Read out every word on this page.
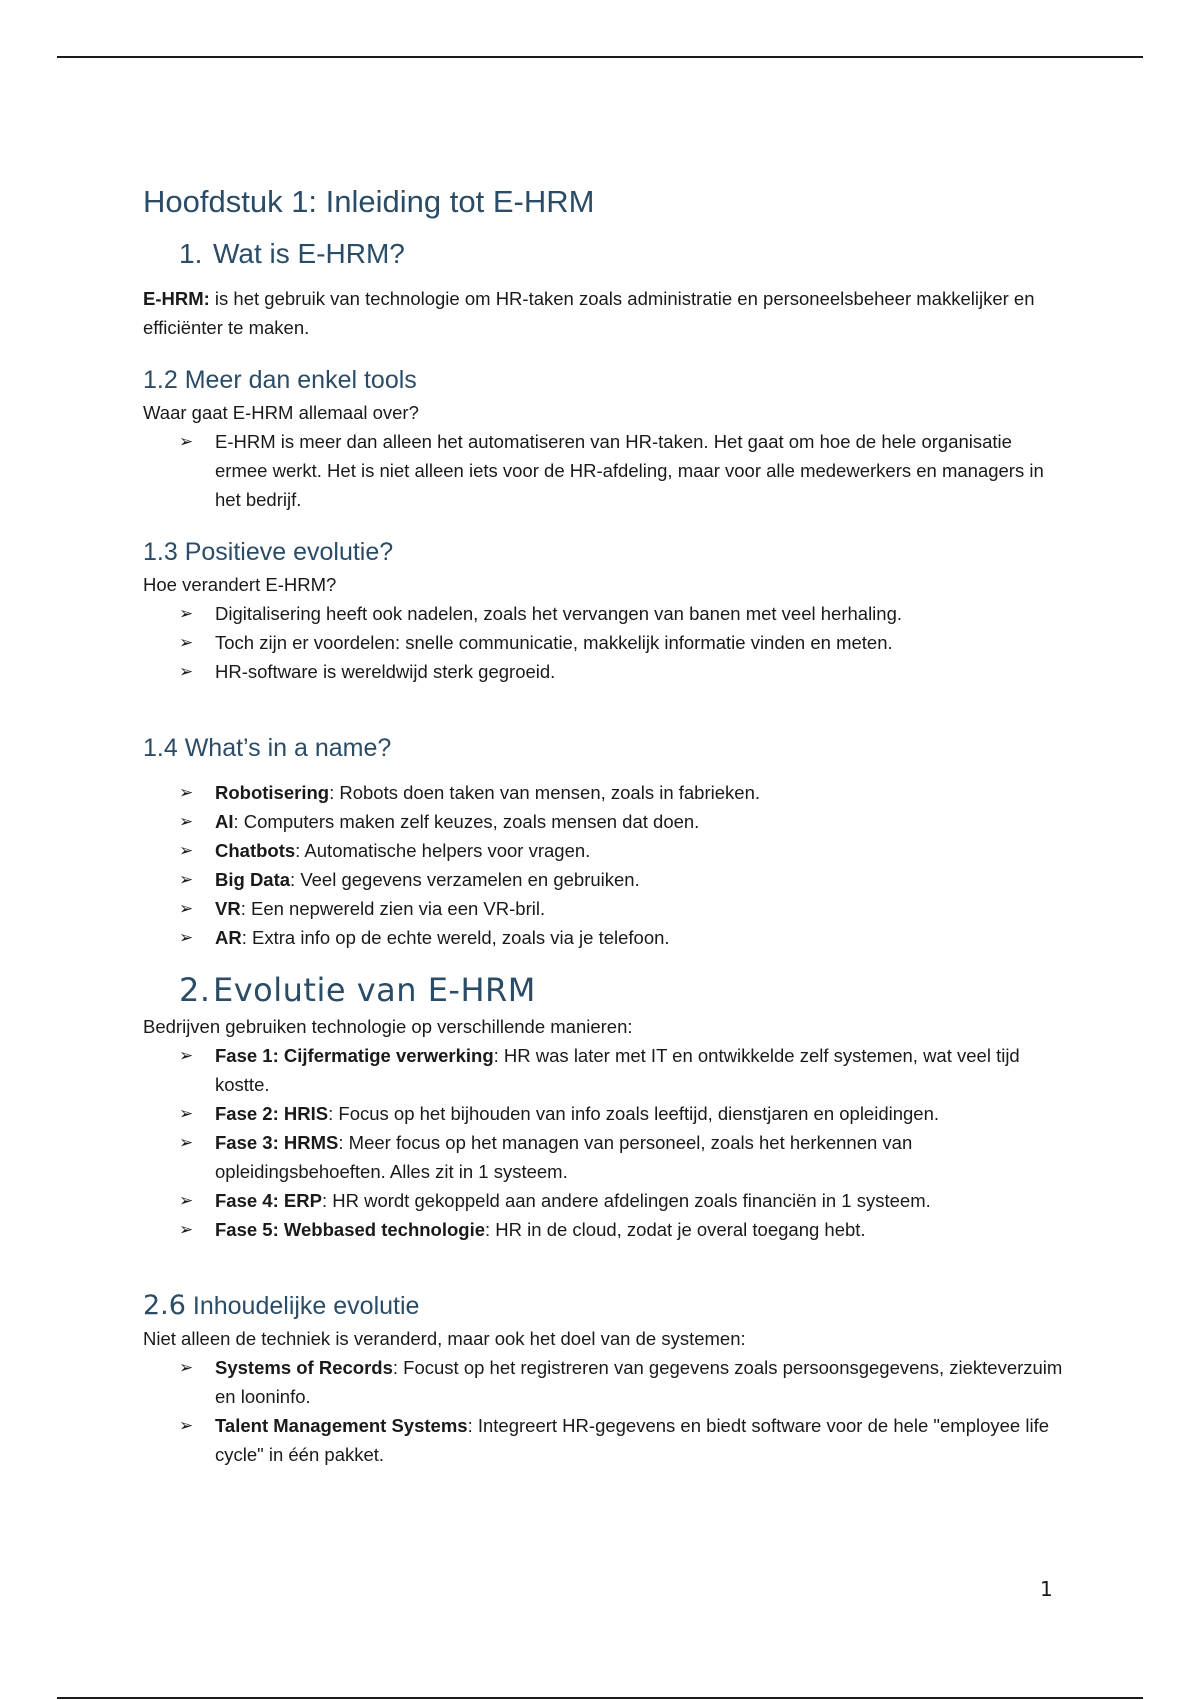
Hoofdstuk 1: Inleiding tot E-HRM
1. Wat is E-HRM?

E-HRM: is het gebruik van technologie om HR-taken zoals administratie en personeelsbeheer makkelijker en efficiënter te maken.

1.2 Meer dan enkel tools

Waar gaat E-HRM allemaal over?

➢ E-HRM is meer dan alleen het automatiseren van HR-taken. Het gaat om hoe de hele organisatie ermee werkt. Het is niet alleen iets voor de HR-afdeling, maar voor alle medewerkers en managers in het bedrijf.
1.3 Positieve evolutie?

Hoe verandert E-HRM?

➢ Digitalisering heeft ook nadelen, zoals het vervangen van banen met veel herhaling.
➢ Toch zijn er voordelen: snelle communicatie, makkelijk informatie vinden en meten.
➢ HR-software is wereldwijd sterk gegroeid.
1.4 What’s in a name?
➢ Robotisering: Robots doen taken van mensen, zoals in fabrieken.
➢ AI: Computers maken zelf keuzes, zoals mensen dat doen.
➢ Chatbots: Automatische helpers voor vragen.
➢ Big Data: Veel gegevens verzamelen en gebruiken.
➢ VR: Een nepwereld zien via een VR-bril.
➢ AR: Extra info op de echte wereld, zoals via je telefoon.
2.Evolutie van E-HRM

Bedrijven gebruiken technologie op verschillende manieren:

➢ Fase 1: Cijfermatige verwerking: HR was later met IT en ontwikkelde zelf systemen, wat veel tijd kostte.
➢ Fase 2: HRIS: Focus op het bijhouden van info zoals leeftijd, dienstjaren en opleidingen.
➢ Fase 3: HRMS: Meer focus op het managen van personeel, zoals het herkennen van opleidingsbehoeften. Alles zit in 1 systeem.
➢ Fase 4: ERP: HR wordt gekoppeld aan andere afdelingen zoals financiën in 1 systeem.
➢ Fase 5: Webbased technologie: HR in de cloud, zodat je overal toegang hebt.
2.6 Inhoudelijke evolutie

Niet alleen de techniek is veranderd, maar ook het doel van de systemen:

➢ Systems of Records: Focust op het registreren van gegevens zoals persoonsgegevens, ziekteverzuim en looninfo.
➢ Talent Management Systems: Integreert HR-gegevens en biedt software voor de hele "employee life cycle" in één pakket.
1
